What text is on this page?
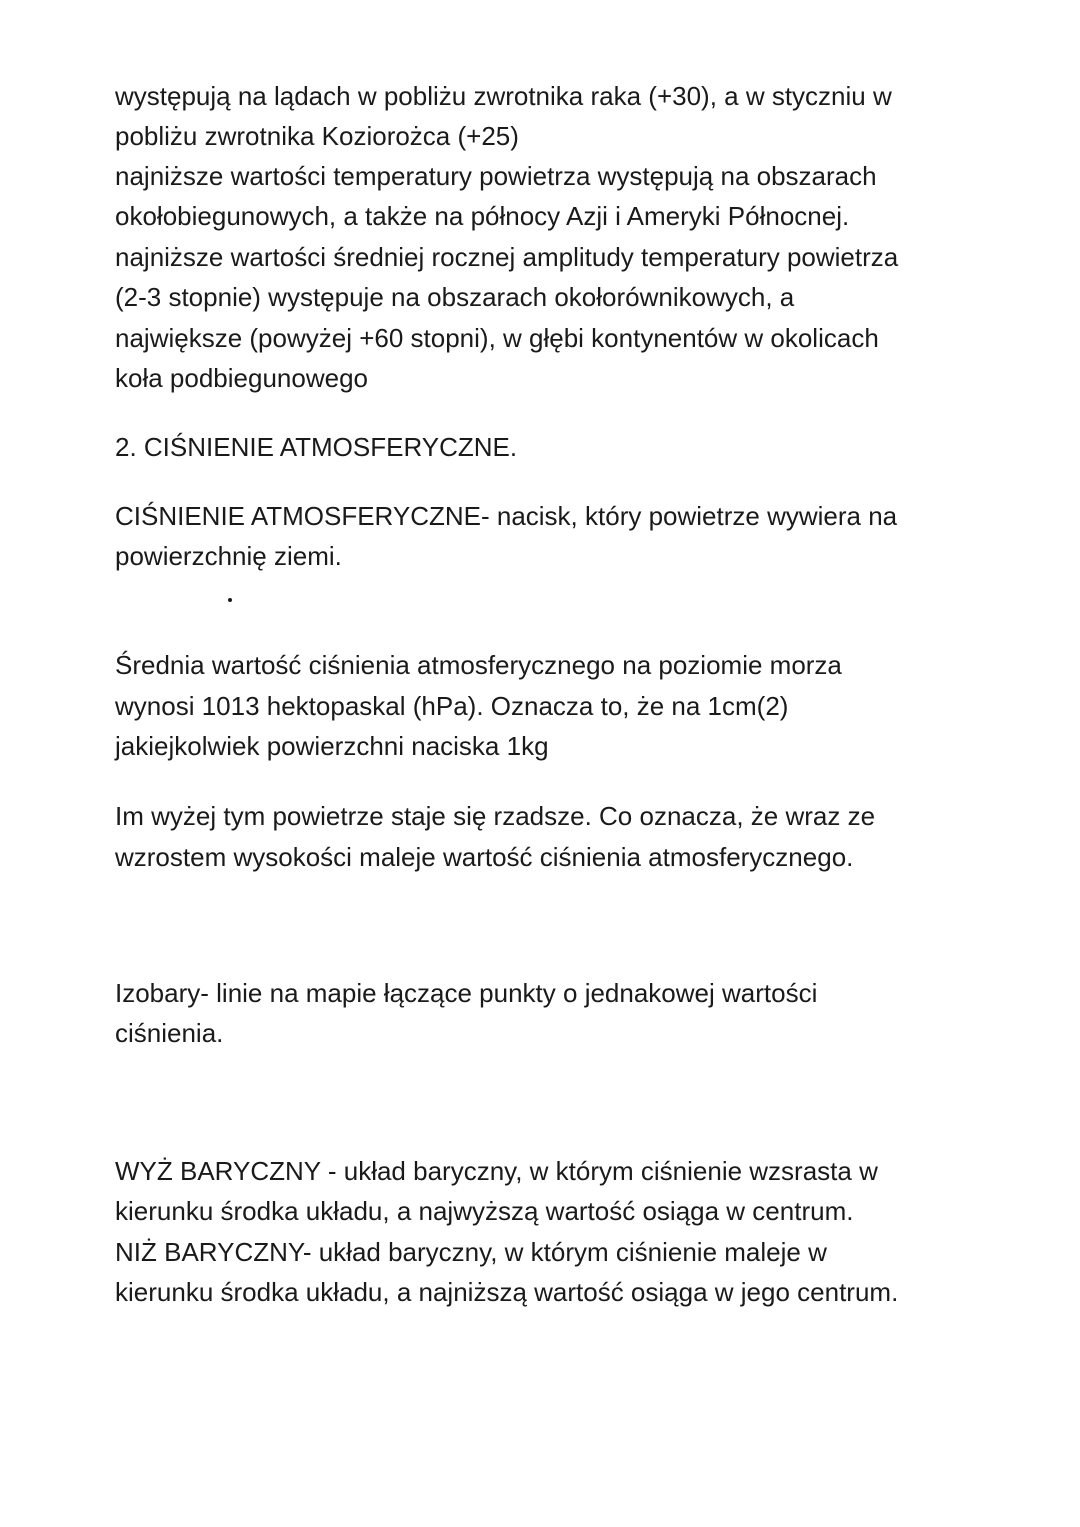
występują na lądach w pobliżu zwrotnika raka (+30), a w styczniu w
pobliżu zwrotnika Koziorożca (+25)
najniższe wartości temperatury powietrza występują na obszarach
okołobiegunowych, a także na północy Azji i Ameryki Północnej.
najniższe wartości średniej rocznej amplitudy temperatury powietrza
(2-3 stopnie) występuje na obszarach okołorównikowych, a
największe (powyżej +60 stopni), w głębi kontynentów w okolicach
koła podbiegunowego
2. CIŚNIENIE ATMOSFERYCZNE.
CIŚNIENIE ATMOSFERYCZNE- nacisk, który powietrze wywiera na
powierzchnię ziemi.
Średnia wartość ciśnienia atmosferycznego na poziomie morza
wynosi 1013 hektopaskal (hPa). Oznacza to, że na 1cm(2)
jakiejkolwiek powierzchni naciska 1kg
Im wyżej tym powietrze staje się rzadsze. Co oznacza, że wraz ze
wzrostem wysokości maleje wartość ciśnienia atmosferycznego.
Izobary- linie na mapie łączące punkty o jednakowej wartości
ciśnienia.
WYŻ BARYCZNY - układ baryczny, w którym ciśnienie wzsrasta w
kierunku środka układu, a najwyższą wartość osiąga w centrum.
NIŻ BARYCZNY- układ baryczny, w którym ciśnienie maleje w
kierunku środka układu, a najniższą wartość osiąga w jego centrum.
